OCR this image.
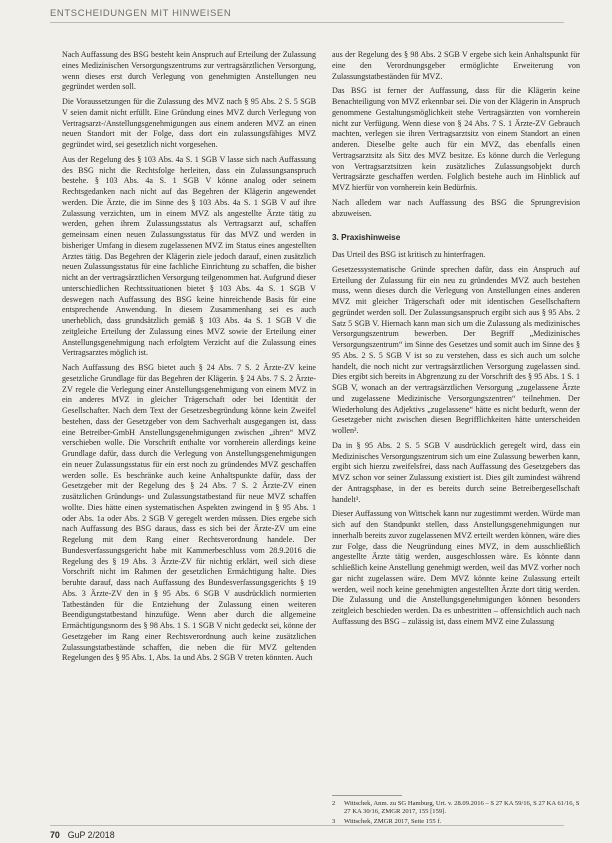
ENTSCHEIDUNGEN MIT HINWEISEN

Nach Auffassung des BSG besteht kein Anspruch auf Erteilung der Zulassung eines Medizinischen Versorgungszentrums zur vertragsärztlichen Versorgung, wenn dieses erst durch Verlegung von genehmigten Anstellungen neu gegründet werden soll.

Die Voraussetzungen für die Zulassung des MVZ nach § 95 Abs. 2 S. 5 SGB V seien damit nicht erfüllt. Eine Gründung eines MVZ durch Verlegung von Vertragsarzt-/Anstellungsgenehmigungen aus einem anderen MVZ an einen neuen Standort mit der Folge, dass dort ein zulassungsfähiges MVZ gegründet wird, sei gesetzlich nicht vorgesehen.

Aus der Regelung des § 103 Abs. 4a S. 1 SGB V lasse sich nach Auffassung des BSG nicht die Rechtsfolge herleiten, dass ein Zulassungsanspruch bestehe. § 103 Abs. 4a S. 1 SGB V könne analog oder seinem Rechtsgedanken nach nicht auf das Begehren der Klägerin angewendet werden. Die Ärzte, die im Sinne des § 103 Abs. 4a S. 1 SGB V auf ihre Zulassung verzichten, um in einem MVZ als angestellte Ärzte tätig zu werden, gehen ihrem Zulassungsstatus als Vertragsarzt auf, schaffen gemeinsam einen neuen Zulassungsstatus für das MVZ und werden in bisheriger Umfang in diesem zugelassenen MVZ im Status eines angestellten Arztes tätig. Das Begehren der Klägerin ziele jedoch darauf, einen zusätzlich neuen Zulassungsstatus für eine fachliche Einrichtung zu schaffen, die bisher nicht an der vertragsärztlichen Versorgung teilgenommen hat. Aufgrund dieser unterschiedlichen Rechtssituationen bietet § 103 Abs. 4a S. 1 SGB V deswegen nach Auffassung des BSG keine hinreichende Basis für eine entsprechende Anwendung. In diesem Zusammenhang sei es auch unerheblich, dass grundsätzlich gemäß § 103 Abs. 4a S. 1 SGB V die zeitgleiche Erteilung der Zulassung eines MVZ sowie der Erteilung einer Anstellungsgenehmigung nach erfolgtem Verzicht auf die Zulassung eines Vertragsarztes möglich ist.

Nach Auffassung des BSG bietet auch § 24 Abs. 7 S. 2 Ärzte-ZV keine gesetzliche Grundlage für das Begehren der Klägerin. § 24 Abs. 7 S. 2 Ärzte-ZV regele die Verlegung einer Anstellungsgenehmigung von einem MVZ in ein anderes MVZ in gleicher Trägerschaft oder bei Identität der Gesellschafter. Nach dem Text der Gesetzesbegründung könne kein Zweifel bestehen, dass der Gesetzgeber von dem Sachverhalt ausgegangen ist, dass eine Betreiber-GmbH Anstellungsgenehmigungen zwischen „ihren“ MVZ verschieben wolle. Die Vorschrift enthalte vor vornherein allerdings keine Grundlage dafür, dass durch die Verlegung von Anstellungsgenehmigungen ein neuer Zulassungsstatus für ein erst noch zu gründendes MVZ geschaffen werden solle. Es beschränke auch keine Anhaltspunkte dafür, dass der Gesetzgeber mit der Regelung des § 24 Abs. 7 S. 2 Ärzte-ZV einen zusätzlichen Gründungs- und Zulassungstatbestand für neue MVZ schaffen wollte. Dies hätte einen systematischen Aspekten zwingend in § 95 Abs. 1 oder Abs. 1a oder Abs. 2 SGB V geregelt werden müssen. Dies ergebe sich nach Auffassung des BSG daraus, dass es sich bei der Ärzte-ZV um eine Regelung mit dem Rang einer Rechtsverordnung handele. Der Bundesverfassungsgericht habe mit Kammerbeschluss vom 28.9.2016 die Regelung des § 19 Abs. 3 Ärzte-ZV für nichtig erklärt, weil sich diese Vorschrift nicht im Rahmen der gesetzlichen Ermächtigung halte. Dies beruhte darauf, dass nach Auffassung des Bundesverfassungsgerichts § 19 Abs. 3 Ärzte-ZV den in § 95 Abs. 6 SGB V ausdrücklich normierten Tatbeständen für die Entziehung der Zulassung einen weiteren Beendigungstatbestand hinzufüge. Wenn aber durch die allgemeine Ermächtigungsnorm des § 98 Abs. 1 S. 1 SGB V nicht gedeckt sei, könne der Gesetzgeber im Rang einer Rechtsverordnung auch keine zusätzlichen Zulassungstatbestände schaffen, die neben die für MVZ geltenden Regelungen des § 95 Abs. 1, Abs. 1a und Abs. 2 SGB V treten könnten. Auch

aus der Regelung des § 98 Abs. 2 SGB V ergebe sich kein Anhaltspunkt für eine den Verordnungsgeber ermöglichte Erweiterung von Zulassungstatbeständen für MVZ.

Das BSG ist ferner der Auffassung, dass für die Klägerin keine Benachteiligung von MVZ erkennbar sei. Die von der Klägerin in Anspruch genommene Gestaltungsmöglichkeit stehe Vertragsärzten von vornherein nicht zur Verfügung. Wenn diese von § 24 Abs. 7 S. 1 Ärzte-ZV Gebrauch machten, verlegen sie ihren Vertragsarztsitz von einem Standort an einen anderen. Dieselbe gelte auch für ein MVZ, das ebenfalls einen Vertragsarztsitz als Sitz des MVZ besitze. Es könne durch die Verlegung von Vertragsarztsitzen kein zusätzliches Zulassungsobjekt durch Vertragsärzte geschaffen werden. Folglich bestehe auch im Hinblick auf MVZ hierfür von vornherein kein Bedürfnis.

Nach alledem war nach Auffassung des BSG die Sprungrevision abzuweisen.

3. Praxishinweise

Das Urteil des BSG ist kritisch zu hinterfragen.

Gesetzessystematische Gründe sprechen dafür, dass ein Anspruch auf Erteilung der Zulassung für ein neu zu gründendes MVZ auch bestehen muss, wenn dieses durch die Verlegung von Anstellungen eines anderen MVZ mit gleicher Trägerschaft oder mit identischen Gesellschaftern gegründet werden soll. Der Zulassungsanspruch ergibt sich aus § 95 Abs. 2 Satz 5 SGB V. Hiernach kann man sich um die Zulassung als medizinisches Versorgungszentrum bewerben. Der Begriff „Medizinisches Versorgungszentrum“ im Sinne des Gesetzes und somit auch im Sinne des § 95 Abs. 2 S. 5 SGB V ist so zu verstehen, dass es sich auch um solche handelt, die noch nicht zur vertragsärztlichen Versorgung zugelassen sind. Dies ergibt sich bereits in Abgrenzung zu der Vorschrift des § 95 Abs. 1 S. 1 SGB V, wonach an der vertragsärztlichen Versorgung „zugelassene Ärzte und zugelassene Medizinische Versorgungszentren“ teilnehmen. Der Wiederholung des Adjektivs „zugelassene“ hätte es nicht bedurft, wenn der Gesetzgeber nicht zwischen diesen Begrifflichkeiten hätte unterscheiden wollen².

Da in § 95 Abs. 2 S. 5 SGB V ausdrücklich geregelt wird, dass ein Medizinisches Versorgungszentrum sich um eine Zulassung bewerben kann, ergibt sich hierzu zweifelsfrei, dass nach Auffassung des Gesetzgebers das MVZ schon vor seiner Zulassung existiert ist. Dies gilt zumindest während der Antragsphase, in der es bereits durch seine Betreibergesellschaft handelt³.

Dieser Auffassung von Wittschek kann nur zugestimmt werden. Würde man sich auf den Standpunkt stellen, dass Anstellungsgenehmigungen nur innerhalb bereits zuvor zugelassenen MVZ erteilt werden können, wäre dies zur Folge, dass die Neugründung eines MVZ, in dem ausschließlich angestellte Ärzte tätig werden, ausgeschlossen wäre. Es könnte dann schließlich keine Anstellung genehmigt werden, weil das MVZ vorher noch gar nicht zugelassen wäre. Dem MVZ könnte keine Zulassung erteilt werden, weil noch keine genehmigten angestellten Ärzte dort tätig werden. Die Zulassung und die Anstellungsgenehmigungen können besonders zeitgleich beschieden werden. Da es unbestritten – offensichtlich auch nach Auffassung des BSG – zulässig ist, dass einem MVZ eine Zulassung

2	Wittschek, Anm. zu SG Hamburg, Urt. v. 28.09.2016 – S 27 KA 59/16, S 27 KA 61/16, S 27 KA 30/16, ZMGR 2017, 155 [159].

3	Wittschek, ZMGR 2017, Seite 155 f.

70 GuP 2/2018
